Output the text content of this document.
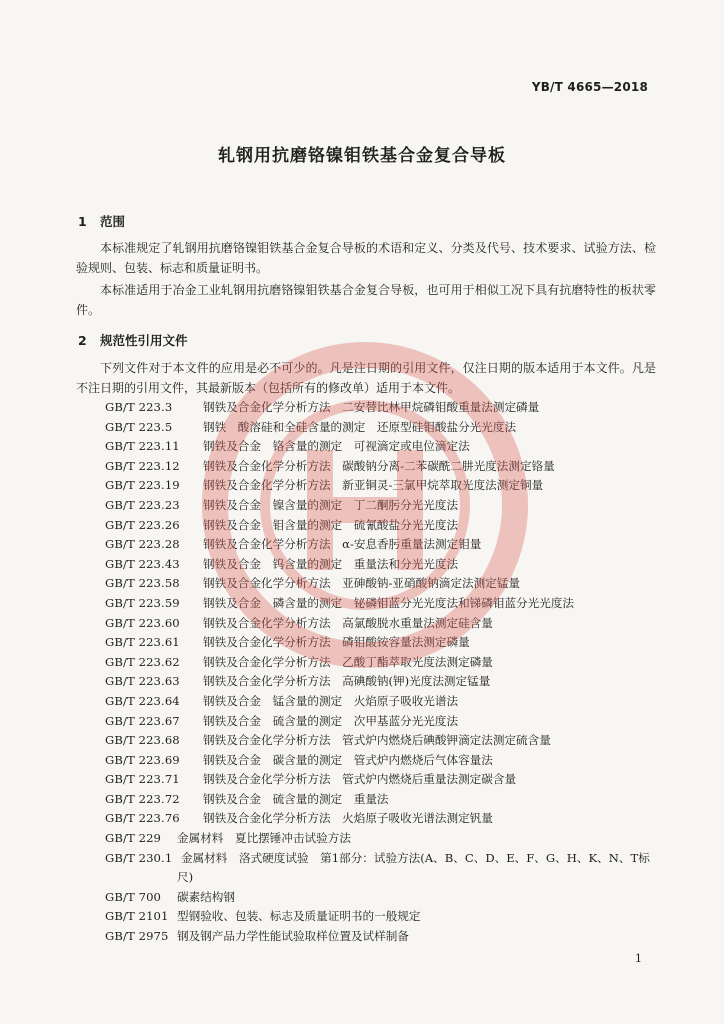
YB/T 4665—2018
轧钢用抗磨铬镍钼铁基合金复合导板
1 范围
本标准规定了轧钢用抗磨铬镍钼铁基合金复合导板的术语和定义、分类及代号、技术要求、试验方法、检验规则、包装、标志和质量证明书。
本标准适用于冶金工业轧钢用抗磨铬镍钼铁基合金复合导板，也可用于相似工况下具有抗磨特性的板状零件。
2 规范性引用文件
下列文件对于本文件的应用是必不可少的。凡是注日期的引用文件，仅注日期的版本适用于本文件。凡是不注日期的引用文件，其最新版本（包括所有的修改单）适用于本文件。
GB/T 223.3	钢铁及合金化学分析方法　二安替比林甲烷磷钼酸重量法测定磷量
GB/T 223.5	钢铁　酸溶硅和全硅含量的测定　还原型硅钼酸盐分光光度法
GB/T 223.11	钢铁及合金　铬含量的测定　可视滴定或电位滴定法
GB/T 223.12	钢铁及合金化学分析方法　碳酸钠分离-二苯碳酰二肼光度法测定铬量
GB/T 223.19	钢铁及合金化学分析方法　新亚铜灵-三氯甲烷萃取光度法测定铜量
GB/T 223.23	钢铁及合金　镍含量的测定　丁二酮肟分光光度法
GB/T 223.26	钢铁及合金　钼含量的测定　硫氰酸盐分光光度法
GB/T 223.28	钢铁及合金化学分析方法　α-安息香肟重量法测定钼量
GB/T 223.43	钢铁及合金　钨含量的测定　重量法和分光光度法
GB/T 223.58	钢铁及合金化学分析方法　亚砷酸钠-亚硝酸钠滴定法测定锰量
GB/T 223.59	钢铁及合金　磷含量的测定　铋磷钼蓝分光光度法和锑磷钼蓝分光光度法
GB/T 223.60	钢铁及合金化学分析方法　高氯酸脱水重量法测定硅含量
GB/T 223.61	钢铁及合金化学分析方法　磷钼酸铵容量法测定磷量
GB/T 223.62	钢铁及合金化学分析方法　乙酸丁酯萃取光度法测定磷量
GB/T 223.63	钢铁及合金化学分析方法　高碘酸钠(钾)光度法测定锰量
GB/T 223.64	钢铁及合金　锰含量的测定　火焰原子吸收光谱法
GB/T 223.67	钢铁及合金　硫含量的测定　次甲基蓝分光光度法
GB/T 223.68	钢铁及合金化学分析方法　管式炉内燃烧后碘酸钾滴定法测定硫含量
GB/T 223.69	钢铁及合金　碳含量的测定　管式炉内燃烧后气体容量法
GB/T 223.71	钢铁及合金化学分析方法　管式炉内燃烧后重量法测定碳含量
GB/T 223.72	钢铁及合金　硫含量的测定　重量法
GB/T 223.76	钢铁及合金化学分析方法　火焰原子吸收光谱法测定钒量
GB/T 229	金属材料　夏比摆锤冲击试验方法
GB/T 230.1 金属材料　洛式硬度试验　第1部分：试验方法(A、B、C、D、E、F、G、H、K、N、T标
尺)
GB/T 700	碳素结构钢
GB/T 2101 型钢验收、包装、标志及质量证明书的一般规定
GB/T 2975 钢及钢产品力学性能试验取样位置及试样制备
1
